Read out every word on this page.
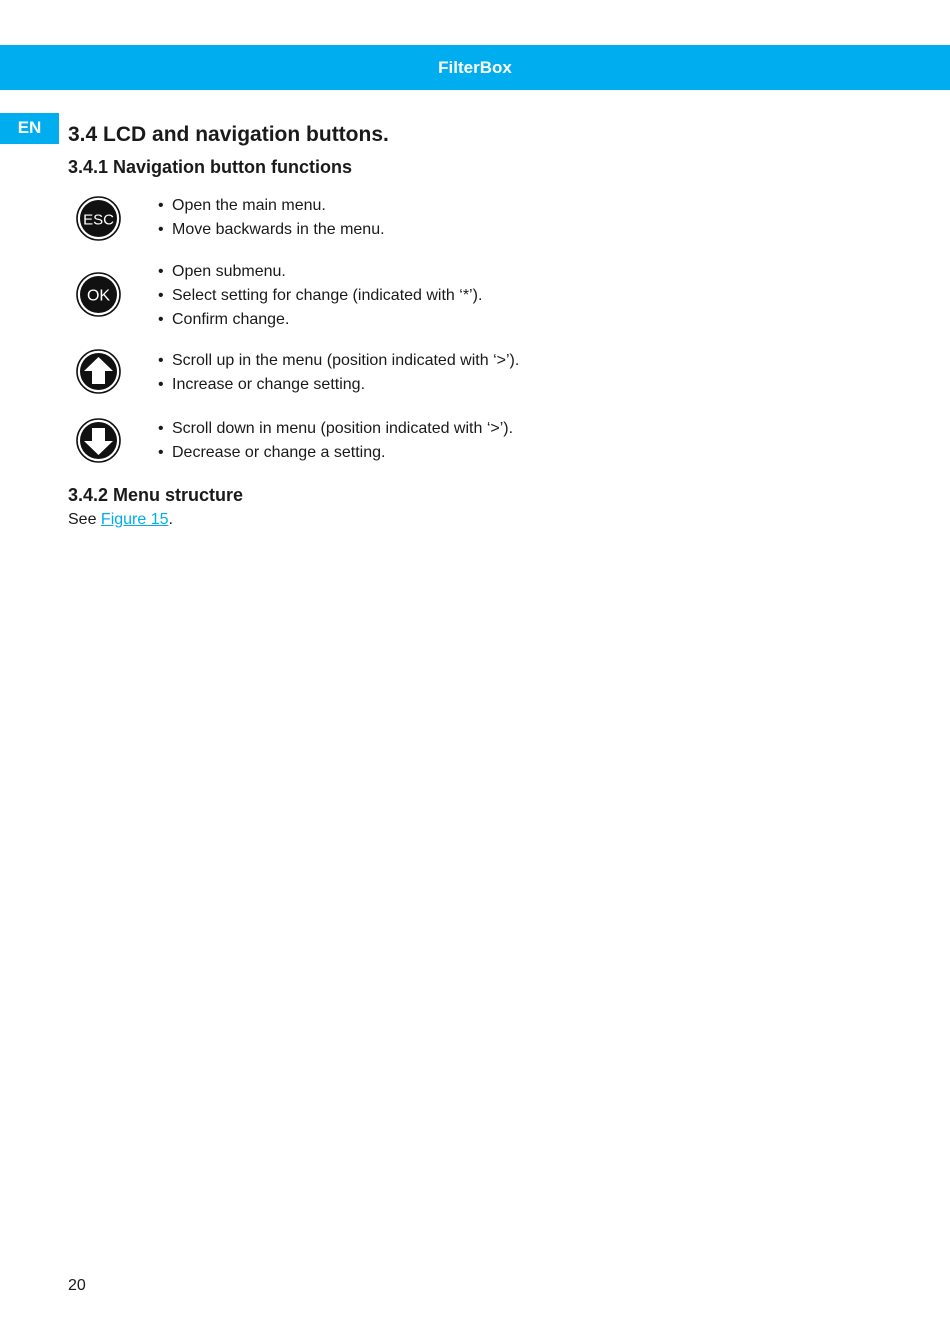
FilterBox
EN	3.4 LCD and navigation buttons.
3.4.1 Navigation button functions
ESC
• Open the main menu.
• Move backwards in the menu.
OK
• Open submenu.
• Select setting for change (indicated with ‘*’).
• Confirm change.
• Scroll up in the menu (position indicated with ‘>’).
• Increase or change setting.
• Scroll down in menu (position indicated with ‘>’).
• Decrease or change a setting.
3.4.2 Menu structure
See Figure 15.
20
